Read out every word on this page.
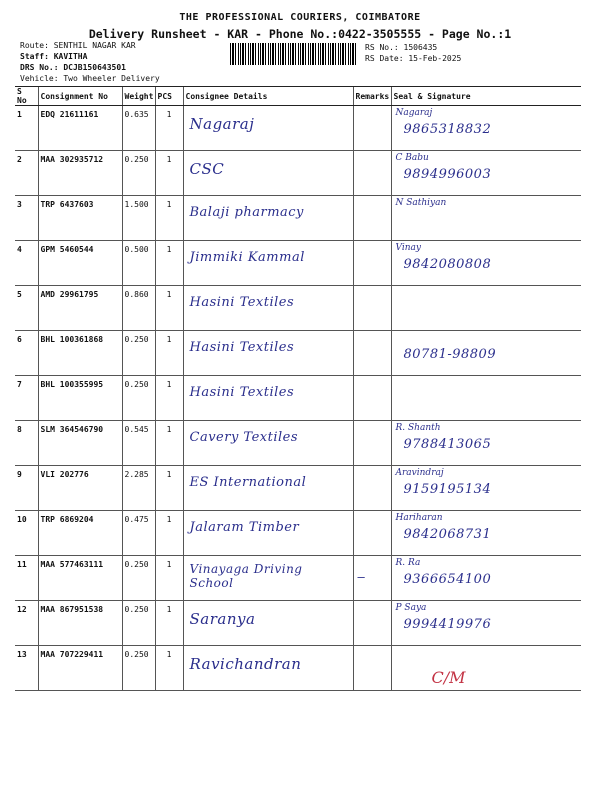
THE PROFESSIONAL COURIERS, COIMBATORE
Delivery Runsheet - KAR - Phone No.:0422-3505555 - Page No.:1
Route: SENTHIL NAGAR KAR
Staff: KAVITHA
DRS No.: DCJB150643501
Vehicle: Two Wheeler Delivery
RS No.: 1506435
RS Date: 15-Feb-2025
S No	Consignment No	Weight	PCS	Consignee Details	Remarks	Seal & Signature
1	EDQ 21611161	0.635	1	Nagaraj		Nagaraj
9865318832

2	MAA 302935712	0.250	1	CSC		C Babu
9894996003

3	TRP 6437603	1.500	1	Balaji pharmacy		N Sathiyan

4	GPM 5460544	0.500	1	Jimmiki Kammal		Vinay
9842080808

5	AMD 29961795	0.860	1	Hasini Textiles		

6	BHL 100361868	0.250	1	Hasini Textiles		80781-98809

7	BHL 100355995	0.250	1	Hasini Textiles		

8	SLM 364546790	0.545	1	Cavery Textiles		R. Shanth
9788413065

9	VLI 202776	2.285	1	ES International		Aravindraj
9159195134

10	TRP 6869204	0.475	1	Jalaram Timber		Hariharan
9842068731

11	MAA 577463111	0.250	1	Vinayaga Driving School	—	R. Ra
9366654100

12	MAA 867951538	0.250	1	Saranya		P Saya
9994419976

13	MAA 707229411	0.250	1	Ravichandran		C/M
